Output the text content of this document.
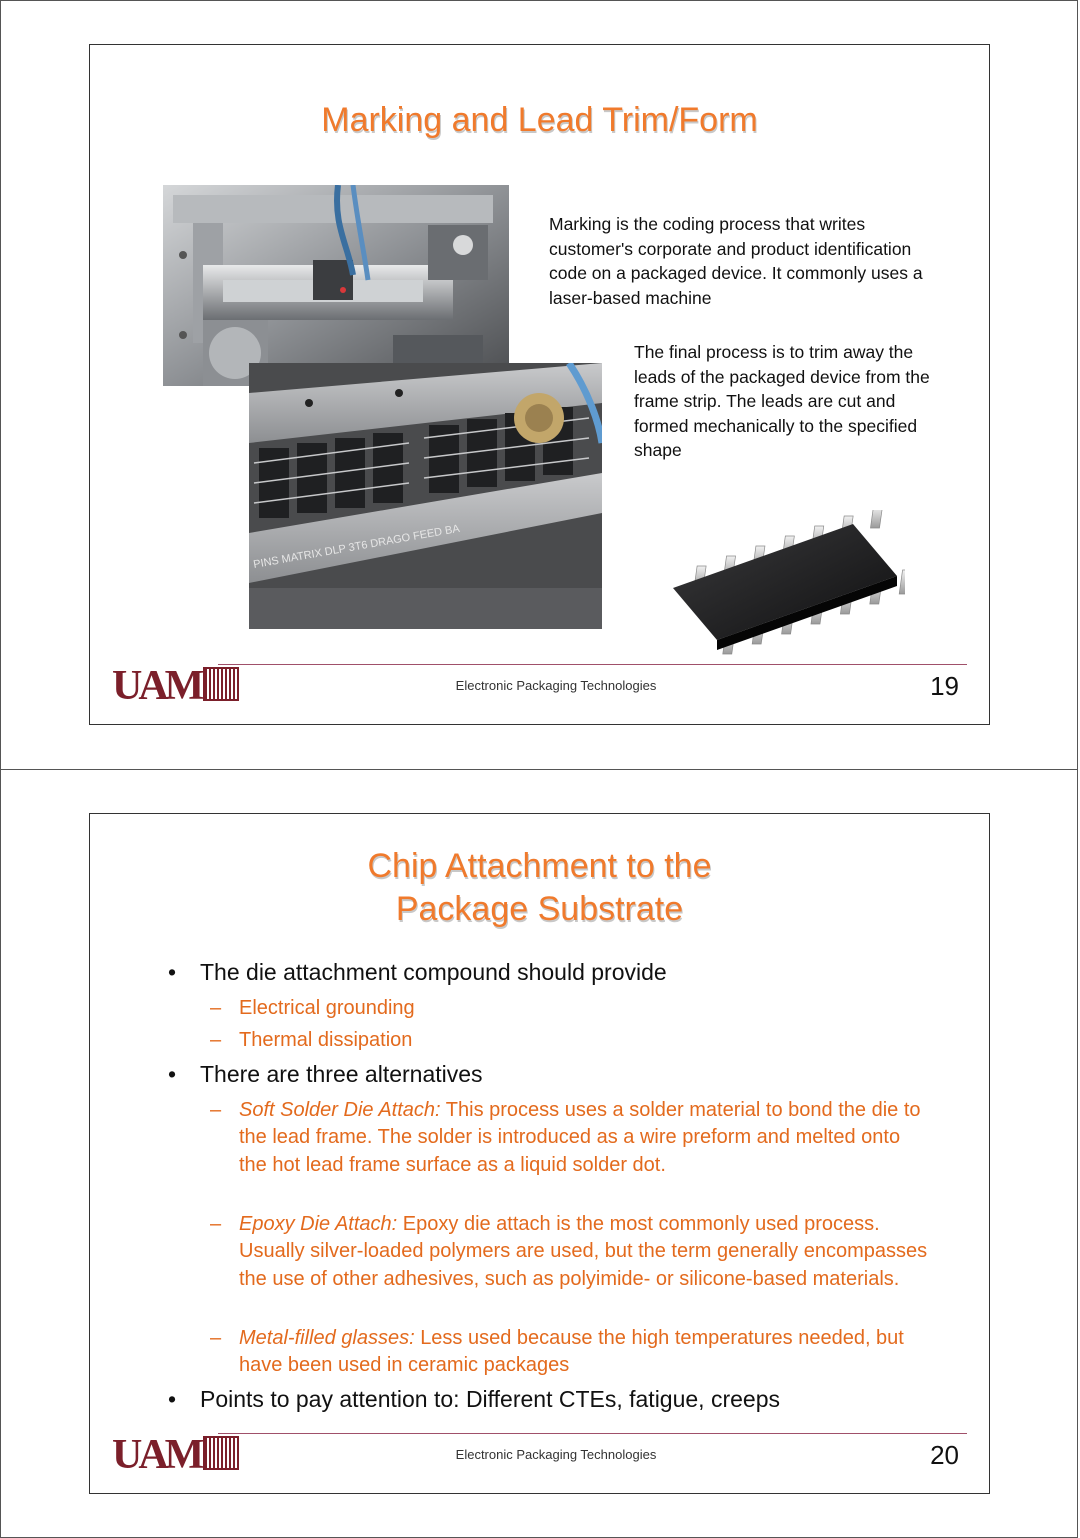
Marking and Lead Trim/Form
PINS MATRIX DLP 3T6 DRAGO FEED BA
Marking is the coding process that writes customer's corporate and product identification code on a packaged device. It commonly uses a laser-based machine
The final process is to trim away the leads of the packaged device from the frame strip. The leads are cut and formed mechanically to the specified shape
UAM	Electronic Packaging Technologies	19
Chip Attachment to the
Package Substrate
• The die attachment compound should provide
– Electrical grounding
– Thermal dissipation
• There are three alternatives
– Soft Solder Die Attach: This process uses a solder material to bond the die to the lead frame. The solder is introduced as a wire preform and melted onto the hot lead frame surface as a liquid solder dot.
– Epoxy Die Attach: Epoxy die attach is the most commonly used process. Usually silver-loaded polymers are used, but the term generally encompasses the use of other adhesives, such as polyimide- or silicone-based materials.
– Metal-filled glasses: Less used because the high temperatures needed, but have been used in ceramic packages
• Points to pay attention to: Different CTEs, fatigue, creeps
UAM	Electronic Packaging Technologies	20
